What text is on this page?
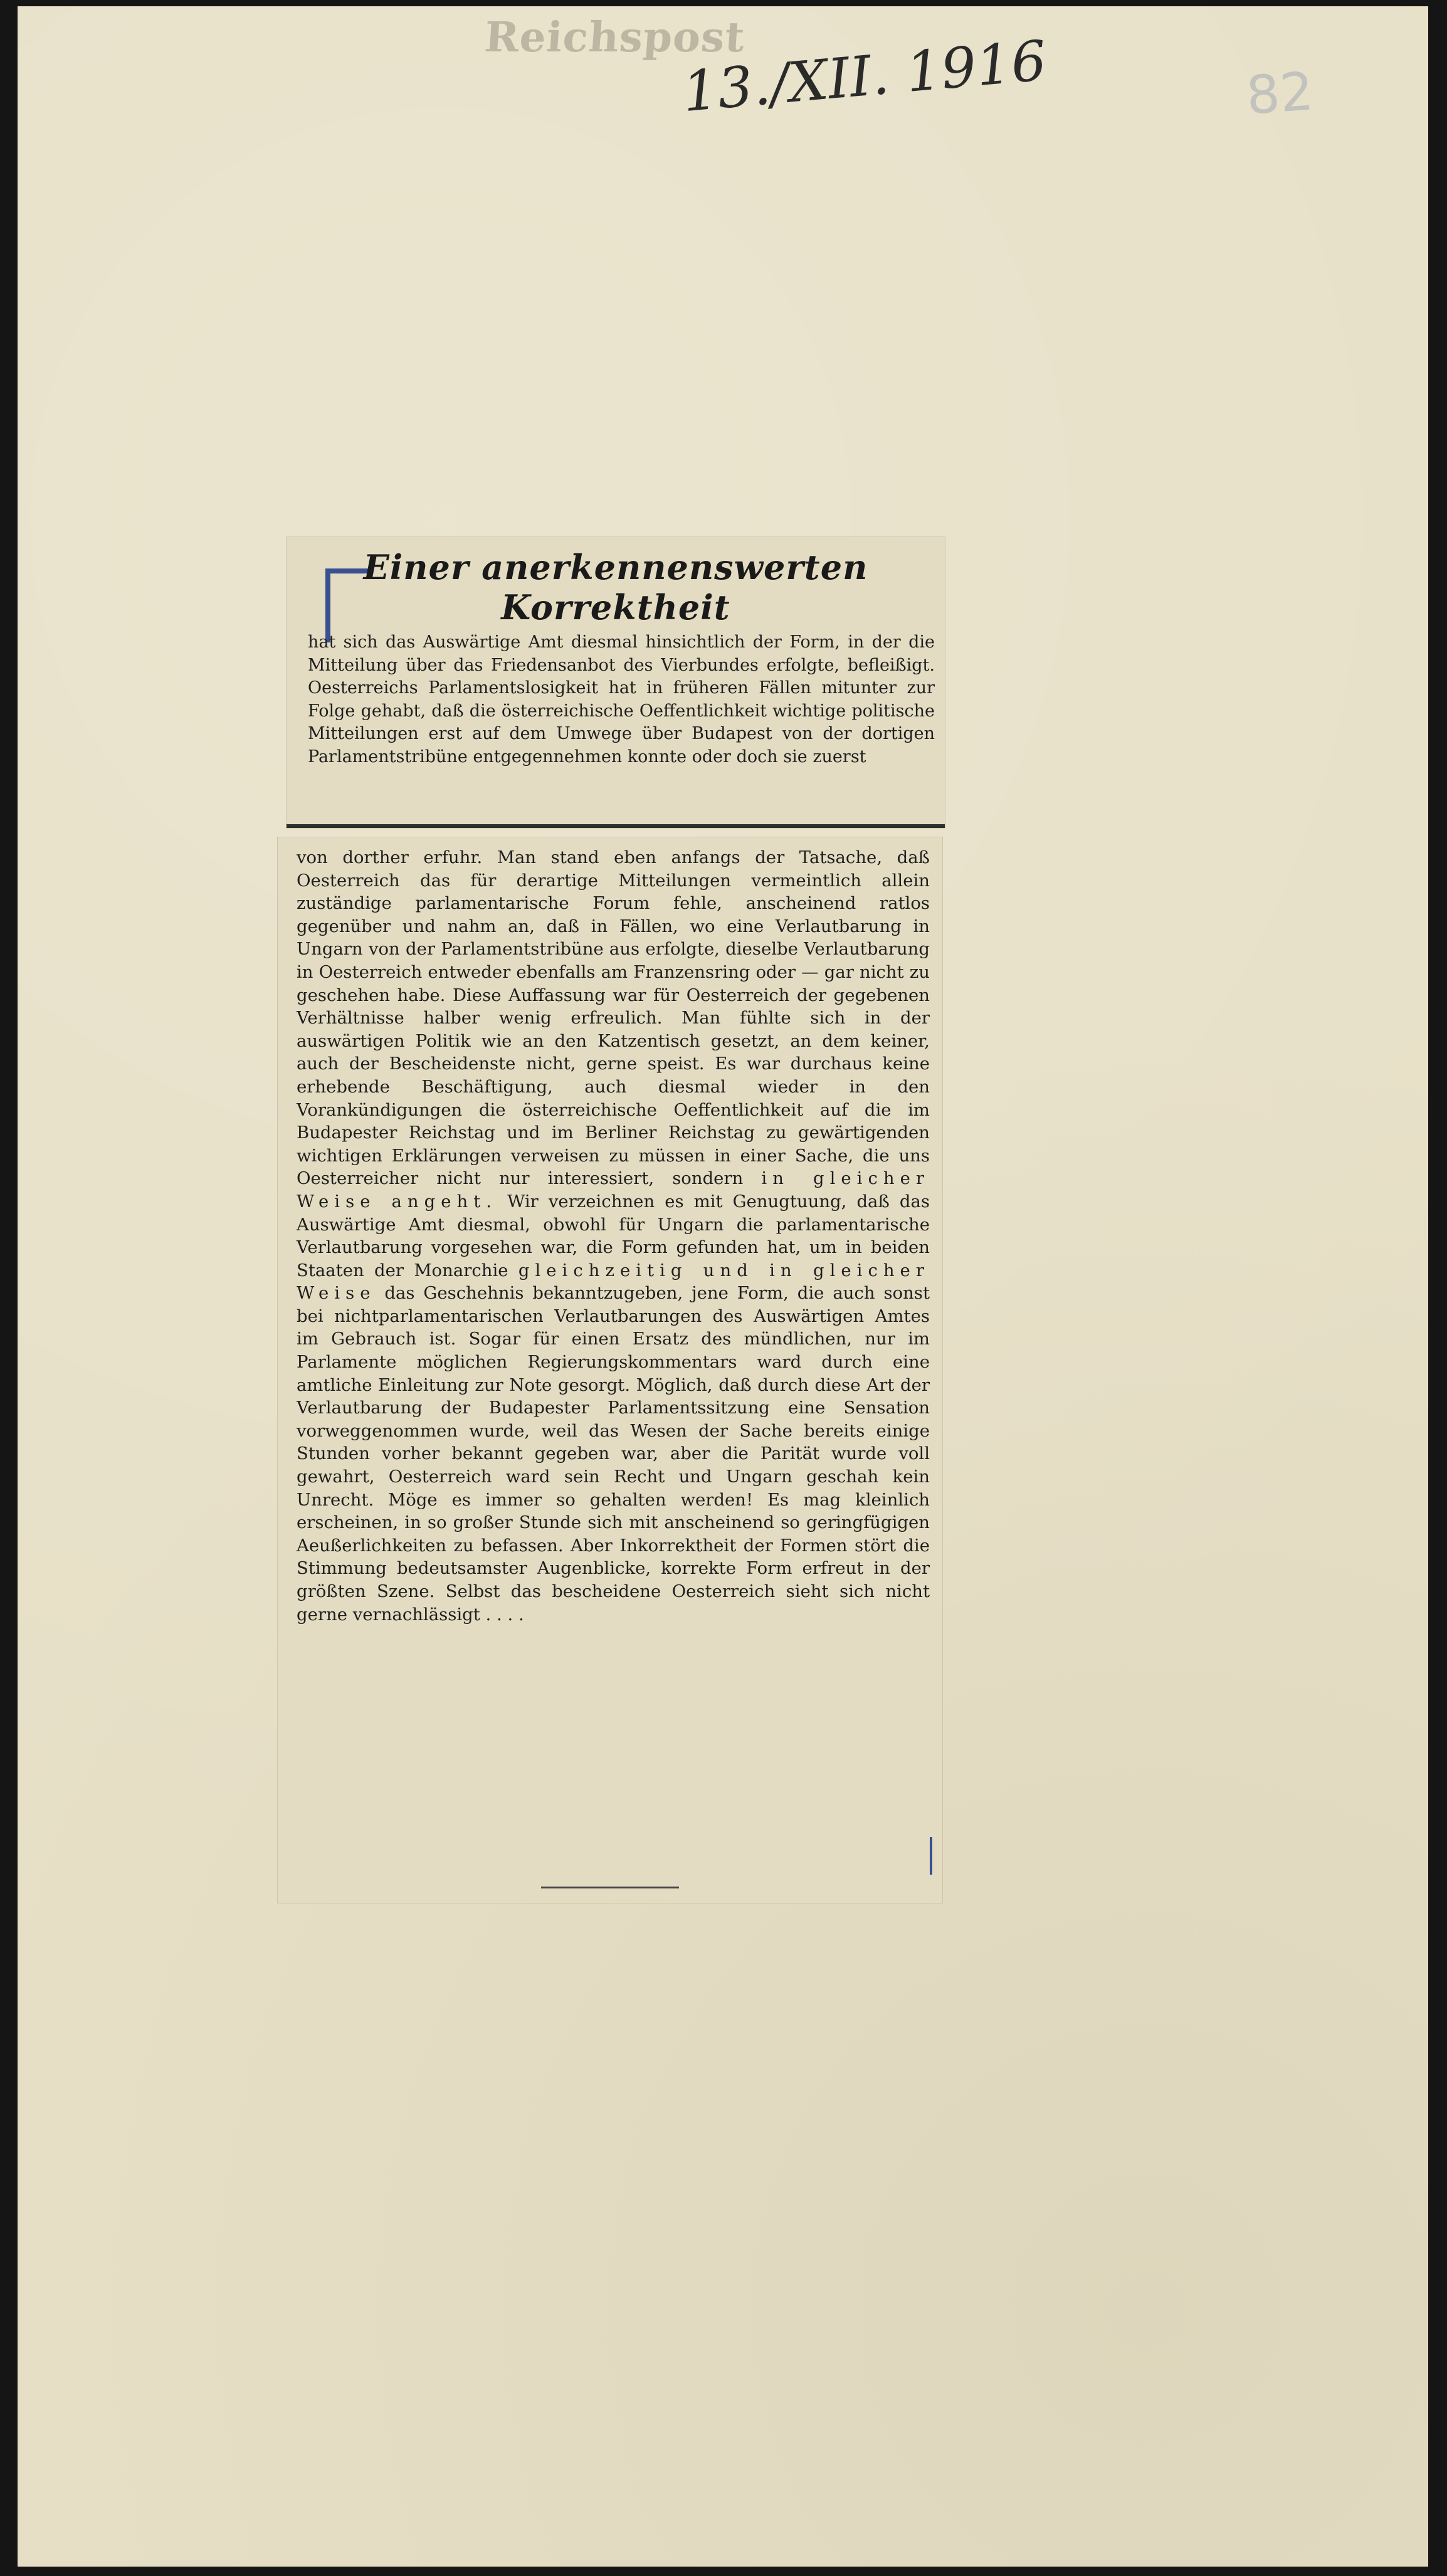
Reichspost
13./XII. 1916	82
Einer anerkennenswerten Korrektheit
hat sich das Auswärtige Amt diesmal hinsichtlich der Form, in der die Mitteilung über das Friedensanbot des Vierbundes erfolgte, befleißigt. Oesterreichs Parlamentslosigkeit hat in früheren Fällen mitunter zur Folge gehabt, daß die österreichische Oeffentlichkeit wichtige politische Mitteilungen erst auf dem Umwege über Budapest von der dortigen Parlamentstribüne entgegennehmen konnte oder doch sie zuerst
von dorther erfuhr. Man stand eben anfangs der Tatsache, daß Oesterreich das für derartige Mitteilungen vermeintlich allein zuständige parlamentarische Forum fehle, anscheinend ratlos gegenüber und nahm an, daß in Fällen, wo eine Verlautbarung in Ungarn von der Parlamentstribüne aus erfolgte, dieselbe Verlautbarung in Oesterreich entweder ebenfalls am Franzensring oder — gar nicht zu geschehen habe. Diese Auffassung war für Oesterreich der gegebenen Verhältnisse halber wenig erfreulich. Man fühlte sich in der auswärtigen Politik wie an den Katzentisch gesetzt, an dem keiner, auch der Bescheidenste nicht, gerne speist. Es war durchaus keine erhebende Beschäftigung, auch diesmal wieder in den Vorankündigungen die österreichische Oeffentlichkeit auf die im Budapester Reichstag und im Berliner Reichstag zu gewärtigenden wichtigen Erklärungen verweisen zu müssen in einer Sache, die uns Oesterreicher nicht nur interessiert, sondern in gleicher Weise angeht. Wir verzeichnen es mit Genugtuung, daß das Auswärtige Amt diesmal, obwohl für Ungarn die parlamentarische Verlautbarung vorgesehen war, die Form gefunden hat, um in beiden Staaten der Monarchie gleichzeitig und in gleicher Weise das Geschehnis bekanntzugeben, jene Form, die auch sonst bei nichtparlamentarischen Verlautbarungen des Auswärtigen Amtes im Gebrauch ist. Sogar für einen Ersatz des mündlichen, nur im Parlamente möglichen Regierungskommentars ward durch eine amtliche Einleitung zur Note gesorgt. Möglich, daß durch diese Art der Verlautbarung der Budapester Parlamentssitzung eine Sensation vorweggenommen wurde, weil das Wesen der Sache bereits einige Stunden vorher bekannt gegeben war, aber die Parität wurde voll gewahrt, Oesterreich ward sein Recht und Ungarn geschah kein Unrecht. Möge es immer so gehalten werden! Es mag kleinlich erscheinen, in so großer Stunde sich mit anscheinend so geringfügigen Aeußerlichkeiten zu befassen. Aber Inkorrektheit der Formen stört die Stimmung bedeutsamster Augenblicke, korrekte Form erfreut in der größten Szene. Selbst das bescheidene Oesterreich sieht sich nicht gerne vernachlässigt . . . .
